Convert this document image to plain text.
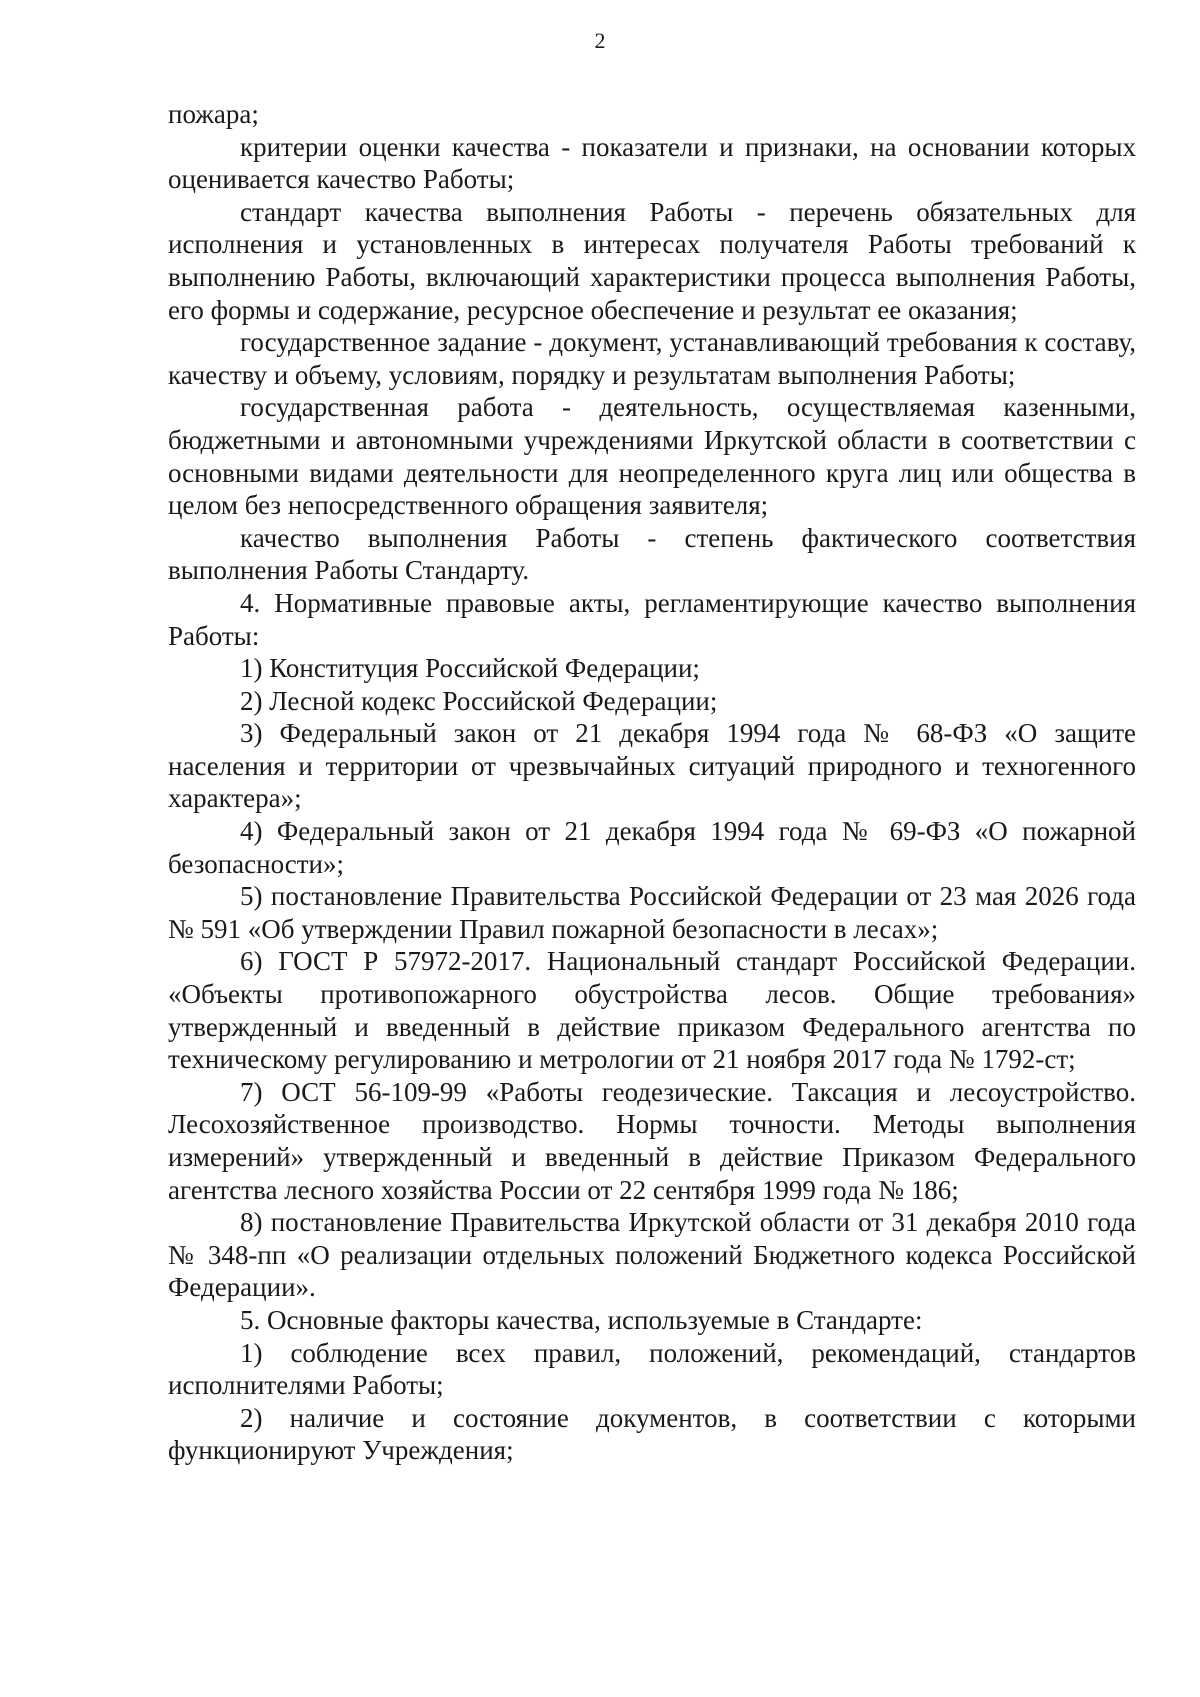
2

пожара;

критерии оценки качества - показатели и признаки, на основании которых оценивается качество Работы;

стандарт качества выполнения Работы - перечень обязательных для исполнения и установленных в интересах получателя Работы требований к выполнению Работы, включающий характеристики процесса выполнения Работы, его формы и содержание, ресурсное обеспечение и результат ее оказания;

государственное задание - документ, устанавливающий требования к составу, качеству и объему, условиям, порядку и результатам выполнения Работы;

государственная работа - деятельность, осуществляемая казенными, бюджетными и автономными учреждениями Иркутской области в соответствии с основными видами деятельности для неопределенного круга лиц или общества в целом без непосредственного обращения заявителя;

качество выполнения Работы - степень фактического соответствия выполнения Работы Стандарту.

4. Нормативные правовые акты, регламентирующие качество выполнения Работы:

1) Конституция Российской Федерации;

2) Лесной кодекс Российской Федерации;

3) Федеральный закон от 21 декабря 1994 года № 68-ФЗ «О защите населения и территории от чрезвычайных ситуаций природного и техногенного характера»;

4) Федеральный закон от 21 декабря 1994 года № 69-ФЗ «О пожарной безопасности»;

5) постановление Правительства Российской Федерации от 23 мая 2026 года № 591 «Об утверждении Правил пожарной безопасности в лесах»;

6) ГОСТ Р 57972-2017. Национальный стандарт Российской Федерации. «Объекты противопожарного обустройства лесов. Общие требования» утвержденный и введенный в действие приказом Федерального агентства по техническому регулированию и метрологии от 21 ноября 2017 года № 1792-ст;

7) ОСТ 56-109-99 «Работы геодезические. Таксация и лесоустройство. Лесохозяйственное производство. Нормы точности. Методы выполнения измерений» утвержденный и введенный в действие Приказом Федерального агентства лесного хозяйства России от 22 сентября 1999 года № 186;

8) постановление Правительства Иркутской области от 31 декабря 2010 года № 348-пп «О реализации отдельных положений Бюджетного кодекса Российской Федерации».

5. Основные факторы качества, используемые в Стандарте:

1) соблюдение всех правил, положений, рекомендаций, стандартов исполнителями Работы;

2) наличие и состояние документов, в соответствии с которыми функционируют Учреждения;
